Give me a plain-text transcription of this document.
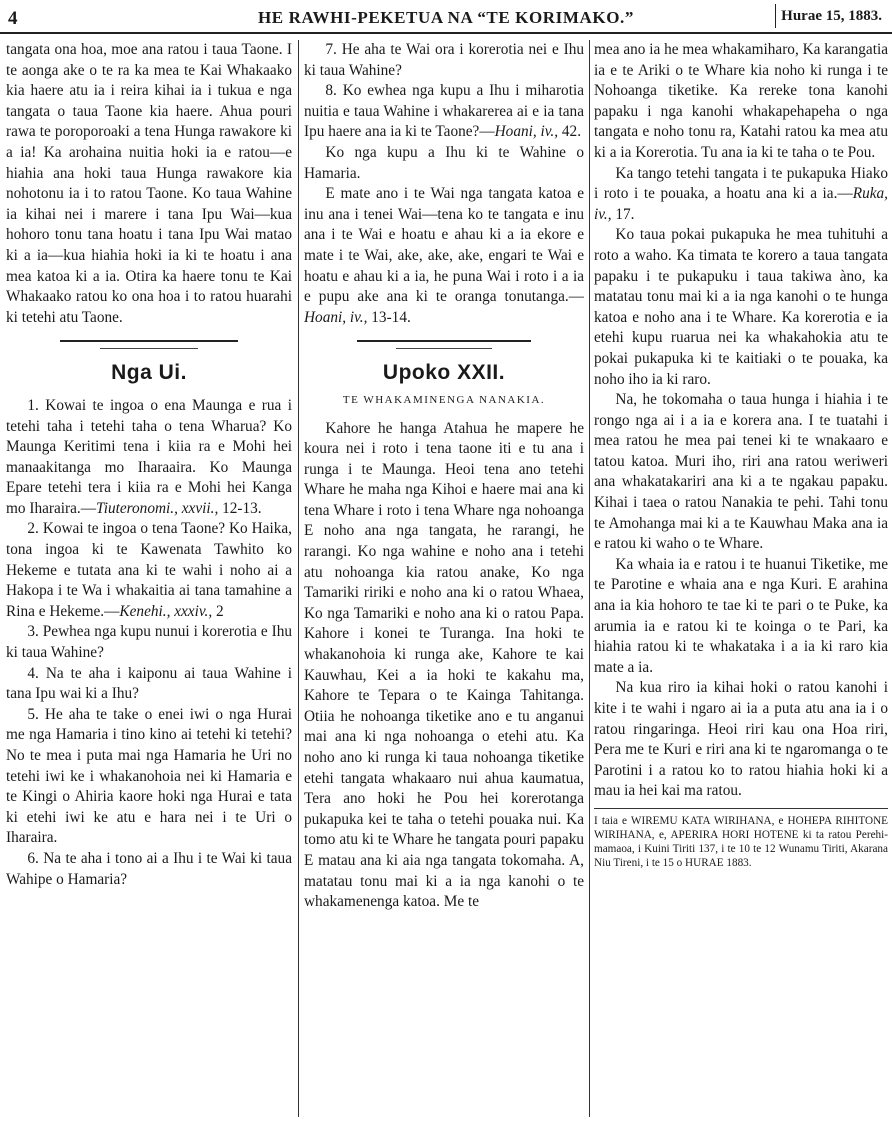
4	HE RAWHI-PEKETUA NA “TE KORIMAKO.”	Hurae 15, 1883.

tangata ona hoa, moe ana ratou i taua Taone. I te aonga ake o te ra ka mea te Kai Whakaako kia haere atu ia i reira kihai ia i tukua e nga tangata o taua Taone kia haere. Ahua pouri rawa te poroporoaki a tena Hunga rawakore ki a ia! Ka arohaina nuitia hoki ia e ratou—e hiahia ana hoki taua Hunga rawakore kia nohotonu ia i to ratou Taone. Ko taua Wahine ia kihai nei i marere i tana Ipu Wai—kua hohoro tonu tana hoatu i tana Ipu Wai matao ki a ia—kua hiahia hoki ia ki te hoatu i ana mea katoa ki a ia. Otira ka haere tonu te Kai Whakaako ratou ko ona hoa i to ratou huarahi ki tetehi atu Taone.

Nga Ui.

1. Kowai te ingoa o ena Maunga e rua i tetehi taha i tetehi taha o tena Wharua? Ko Maunga Keritimi tena i kiia ra e Mohi hei manaakitanga mo Iharaaira. Ko Maunga Epare tetehi tera i kiia ra e Mohi hei Kanga mo Iharaira.—Tiuteronomi., xxvii., 12-13.

2. Kowai te ingoa o tena Taone? Ko Haika, tona ingoa ki te Kawenata Tawhito ko Hekeme e tutata ana ki te wahi i noho ai a Hakopa i te Wa i whakaitia ai tana tamahine a Rina e Hekeme.—Kenehi., xxxiv., 2

3. Pewhea nga kupu nunui i korerotia e Ihu ki taua Wahine?

4. Na te aha i kaiponu ai taua Wahine i tana Ipu wai ki a Ihu?

5. He aha te take o enei iwi o nga Hurai me nga Hamaria i tino kino ai tetehi ki tetehi? No te mea i puta mai nga Hamaria he Uri no tetehi iwi ke i whakanohoia nei ki Hamaria e te Kingi o Ahiria kaore hoki nga Hurai e tata ki etehi iwi ke atu e hara nei i te Uri o Iharaira.

6. Na te aha i tono ai a Ihu i te Wai ki taua Wahipe o Hamaria?

7. He aha te Wai ora i korerotia nei e Ihu ki taua Wahine?

8. Ko ewhea nga kupu a Ihu i miharotia nuitia e taua Wahine i whakarerea ai e ia tana Ipu haere ana ia ki te Taone?—Hoani, iv., 42.

Ko nga kupu a Ihu ki te Wahine o Hamaria.

E mate ano i te Wai nga tangata katoa e inu ana i tenei Wai—tena ko te tangata e inu ana i te Wai e hoatu e ahau ki a ia ekore e mate i te Wai, ake, ake, ake, engari te Wai e hoatu e ahau ki a ia, he puna Wai i roto i a ia e pupu ake ana ki te oranga tonutanga.—Hoani, iv., 13-14.

Upoko XXII.

TE WHAKAMINENGA NANAKIA.

Kahore he hanga Atahua he mapere he koura nei i roto i tena taone iti e tu ana i runga i te Maunga. Heoi tena ano tetehi Whare he maha nga Kihoi e haere mai ana ki tena Whare i roto i tena Whare nga nohoanga E noho ana nga tangata, he rarangi, he rarangi. Ko nga wahine e noho ana i tetehi atu nohoanga kia ratou anake, Ko nga Tamariki ririki e noho ana ki o ratou Whaea, Ko nga Tamariki e noho ana ki o ratou Papa. Kahore i konei te Turanga. Ina hoki te whakanohoia ki runga ake, Kahore te kai Kauwhau, Kei a ia hoki te kakahu ma, Kahore te Tepara o te Kainga Tahitanga. Otiia he nohoanga tiketike ano e tu anganui mai ana ki nga nohoanga o etehi atu. Ka noho ano ki runga ki taua nohoanga tiketike etehi tangata whakaaro nui ahua kaumatua, Tera ano hoki he Pou hei korerotanga pukapuka kei te taha o tetehi pouaka nui. Ka tomo atu ki te Whare he tangata pouri papaku E matau ana ki aia nga tangata tokomaha. A, matatau tonu mai ki a ia nga kanohi o te whakamenenga katoa. Me te

mea ano ia he mea whakamiharo, Ka karangatia ia e te Ariki o te Whare kia noho ki runga i te Nohoanga tiketike. Ka rereke tona kanohi papaku i nga kanohi whakapehapeha o nga tangata e noho tonu ra, Katahi ratou ka mea atu ki a ia Korerotia. Tu ana ia ki te taha o te Pou.

Ka tango tetehi tangata i te pukapuka Hiako i roto i te pouaka, a hoatu ana ki a ia.—Ruka, iv., 17.

Ko taua pokai pukapuka he mea tuhituhi a roto a waho. Ka timata te korero a taua tangata papaku i te pukapuku i taua takiwa àno, ka matatau tonu mai ki a ia nga kanohi o te hunga katoa e noho ana i te Whare. Ka korerotia e ia etehi kupu ruarua nei ka whakahokia atu te pokai pukapuka ki te kaitiaki o te pouaka, ka noho iho ia ki raro.

Na, he tokomaha o taua hunga i hiahia i te rongo nga ai i a ia e korera ana. I te tuatahi i mea ratou he mea pai tenei ki te wnakaaro e tatou katoa. Muri iho, riri ana ratou weriweri ana whakatakariri ana ki a te ngakau papaku. Kihai i taea o ratou Nanakia te pehi. Tahi tonu te Amohanga mai ki a te Kauwhau Maka ana ia e ratou ki waho o te Whare.

Ka whaia ia e ratou i te huanui Tiketike, me te Parotine e whaia ana e nga Kuri. E arahina ana ia kia hohoro te tae ki te pari o te Puke, ka arumia ia e ratou ki te koinga o te Pari, ka hiahia ratou ki te whakataka i a ia ki raro kia mate a ia.

Na kua riro ia kihai hoki o ratou kanohi i kite i te wahi i ngaro ai ia a puta atu ana ia i o ratou ringaringa. Heoi riri kau ona Hoa riri, Pera me te Kuri e riri ana ki te ngaromanga o te Parotini i a ratou ko to ratou hiahia hoki ki a mau ia hei kai ma ratou.

I taia e WIREMU KATA WIRIHANA, e HOHEPA RIHITONE WIRIHANA, e, APERIRA HORI HOTENE ki ta ratou Perehi-mamaoa, i Kuini Tiriti 137, i te 10 te 12 Wunamu Tiriti, Akarana Niu Tireni, i te 15 o HURAE 1883.
